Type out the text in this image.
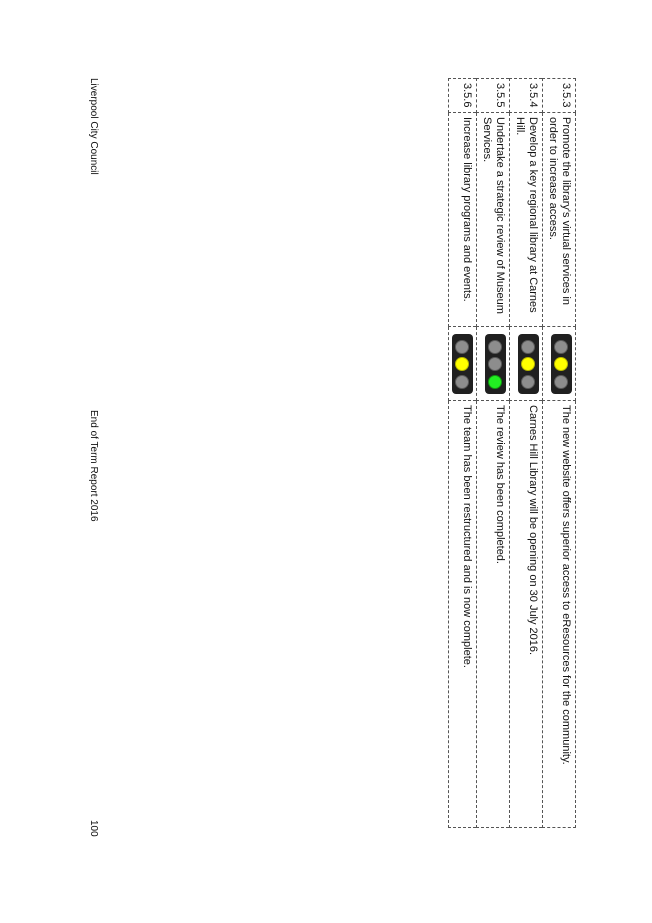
3.5.3	Promote the library's virtual services in order to increase access.		The new website offers superior access to eResources for the community.
3.5.4	Develop a key regional library at Carnes Hill.		Carnes Hill Library will be opening on 30 July 2016.
3.5.5	Undertake a strategic review of Museum Services.		The review has been completed.
3.5.6	Increase library programs and events.		The team has been restructured and is now complete.
Liverpool City Council
End of Term Report 2016
100
